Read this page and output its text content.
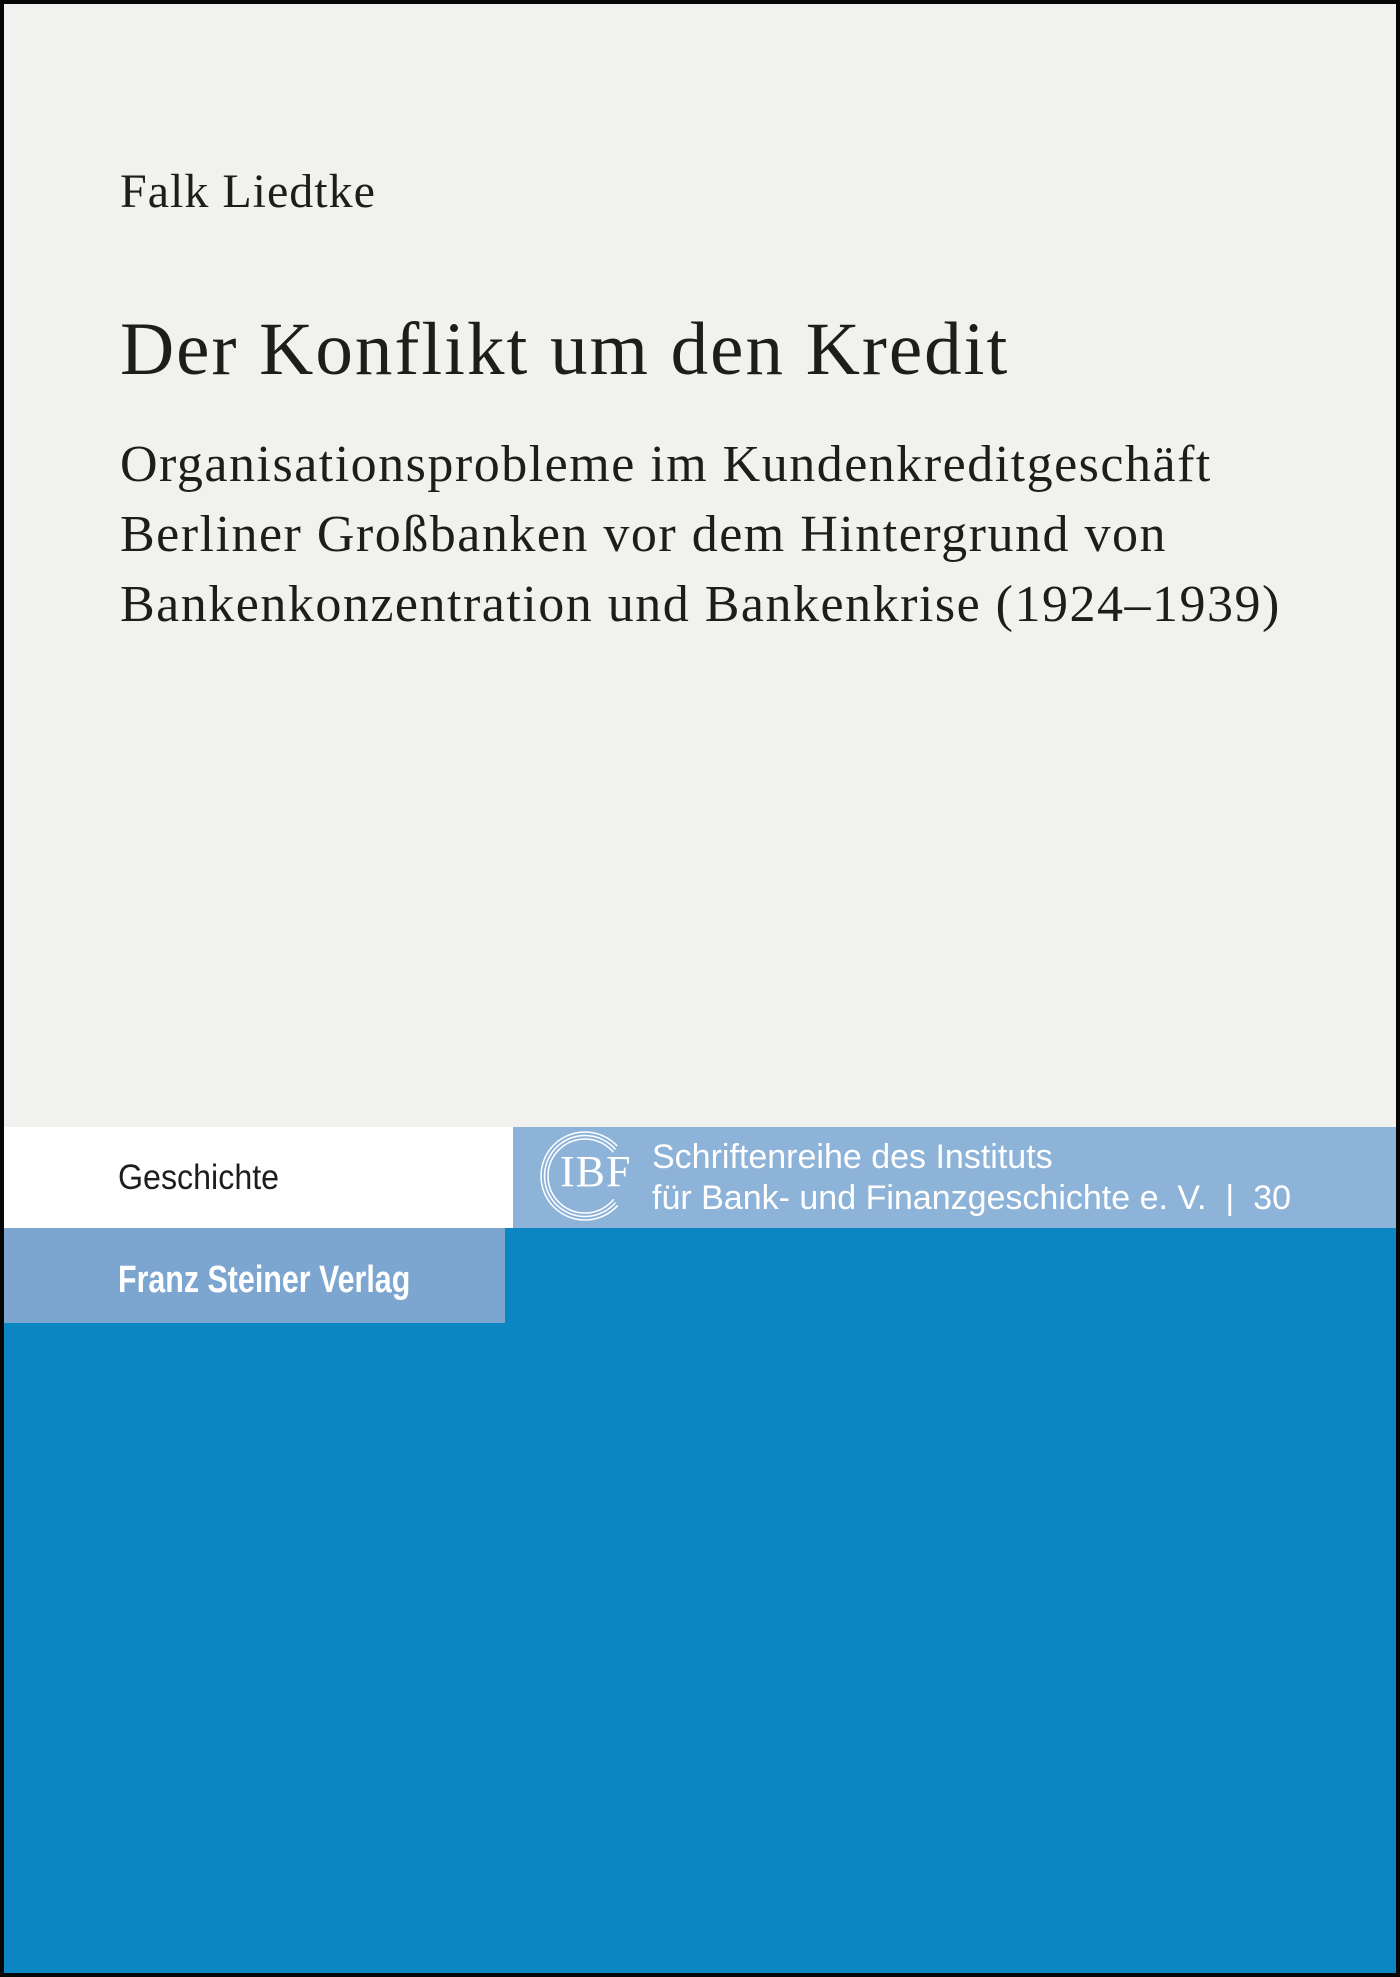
Falk Liedtke
Der Konflikt um den Kredit
Organisationsprobleme im Kundenkreditgeschäft
Berliner Großbanken vor dem Hintergrund von
Bankenkonzentration und Bankenkrise (1924–1939)
Geschichte	IBF Schriftenreihe des Instituts
für Bank- und Finanzgeschichte e. V. | 30
Franz Steiner Verlag
